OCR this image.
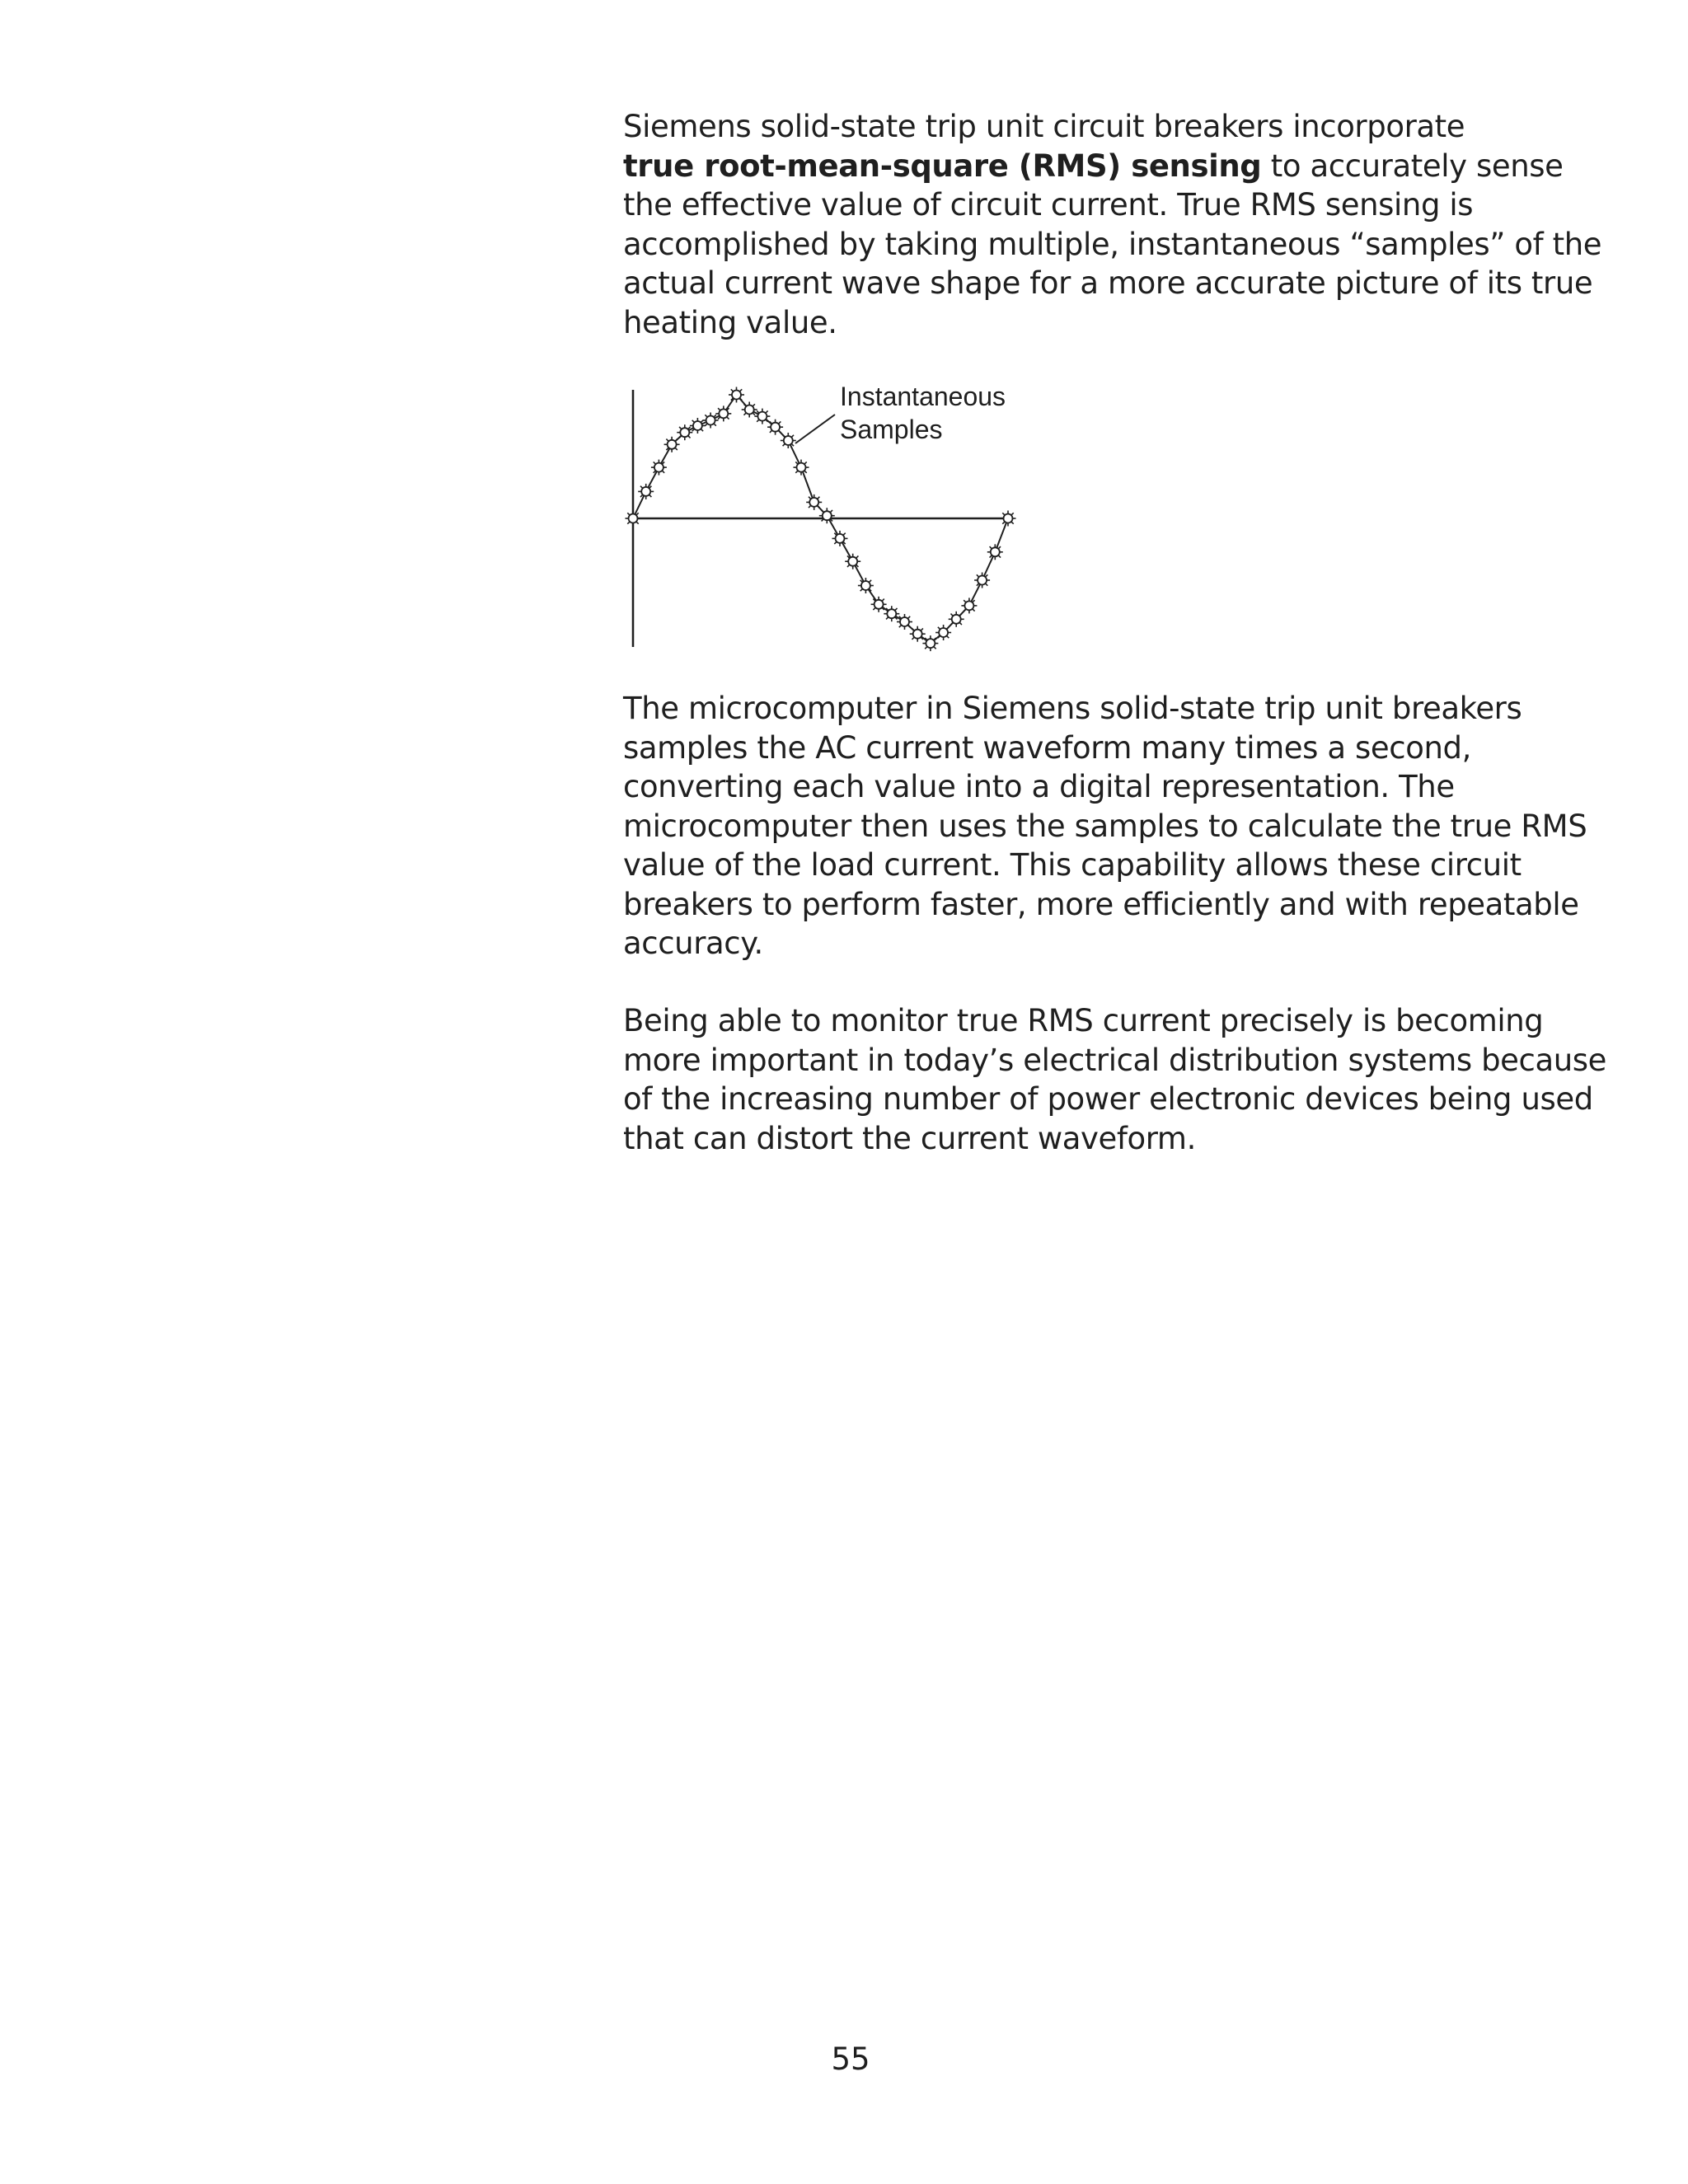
Siemens solid-state trip unit circuit breakers incorporate
true root-mean-square (RMS) sensing to accurately sense
the effective value of circuit current. True RMS sensing is
accomplished by taking multiple, instantaneous “samples” of the
actual current wave shape for a more accurate picture of its true
heating value.

Instantaneous
Samples

The microcomputer in Siemens solid-state trip unit breakers
samples the AC current waveform many times a second,
converting each value into a digital representation. The
microcomputer then uses the samples to calculate the true RMS
value of the load current. This capability allows these circuit
breakers to perform faster, more efficiently and with repeatable
accuracy.

Being able to monitor true RMS current precisely is becoming
more important in today’s electrical distribution systems because
of the increasing number of power electronic devices being used
that can distort the current waveform.

55
